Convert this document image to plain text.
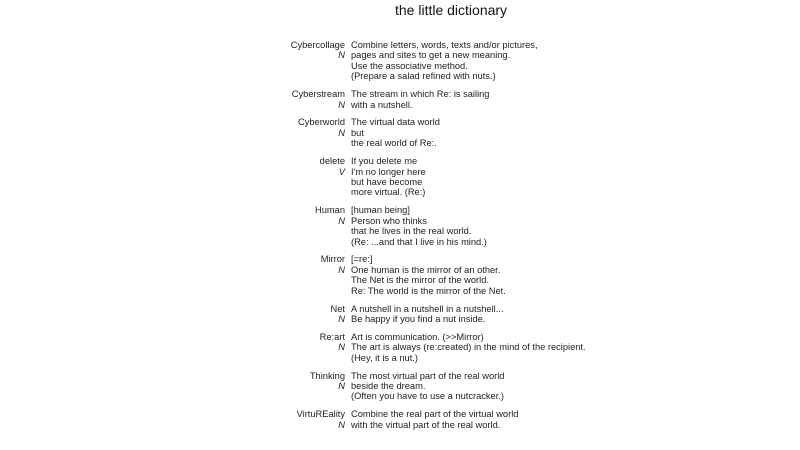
the little dictionary
Cybercollage
N
Combine letters, words, texts and/or pictures,
pages and sites to get a new meaning.
Use the associative method.
(Prepare a salad refined with nuts.)
Cyberstream
N
The stream in which Re: is sailing
with a nutshell.
Cyberworld
N
The virtual data world
but
the real world of Re:.
delete
V
If you delete me
I'm no longer here
but have become
more virtual. (Re:)
Human
N
[human being]
Person who thinks
that he lives in the real world.
(Re: ...and that I live in his mind.)
Mirror
N
[=re:]
One human is the mirror of an other.
The Net is the mirror of the world.
Re: The world is the mirror of the Net.
Net
N
A nutshell in a nutshell in a nutshell...
Be happy if you find a nut inside.
Re:art
N
Art is communication. (>>Mirror)
The art is always (re:created) in the mind of the recipient.
(Hey, it is a nut.)
Thinking
N
The most virtual part of the real world
beside the dream.
(Often you have to use a nutcracker.)
VirtuREality
N
Combine the real part of the virtual world
with the virtual part of the real world.
